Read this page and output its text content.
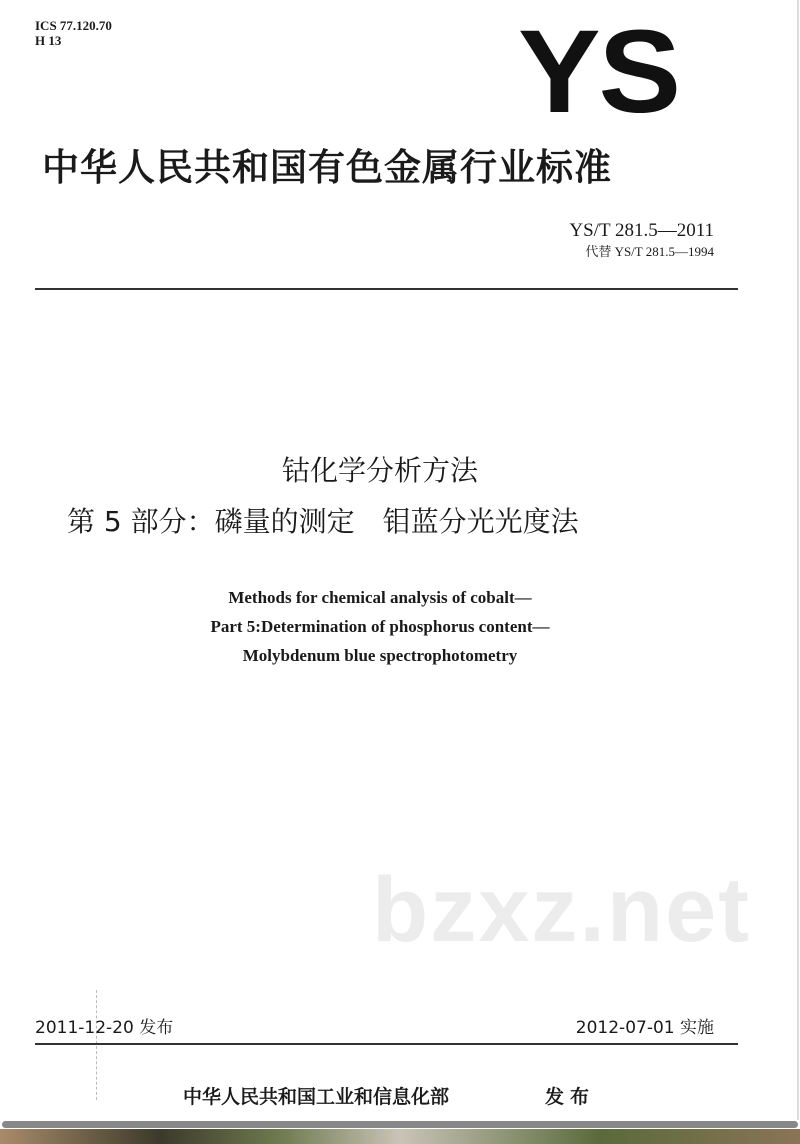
ICS 77.120.70
H 13	YS
中华人民共和国有色金属行业标准
YS/T 281.5—2011
代替 YS/T 281.5—1994
钴化学分析方法
第 5 部分：磷量的测定　钼蓝分光光度法
Methods for chemical analysis of cobalt—
Part 5:Determination of phosphorus content—
Molybdenum blue spectrophotometry
bzxz.net
2011-12-20 发布	2012-07-01 实施
中华人民共和国工业和信息化部	发布
